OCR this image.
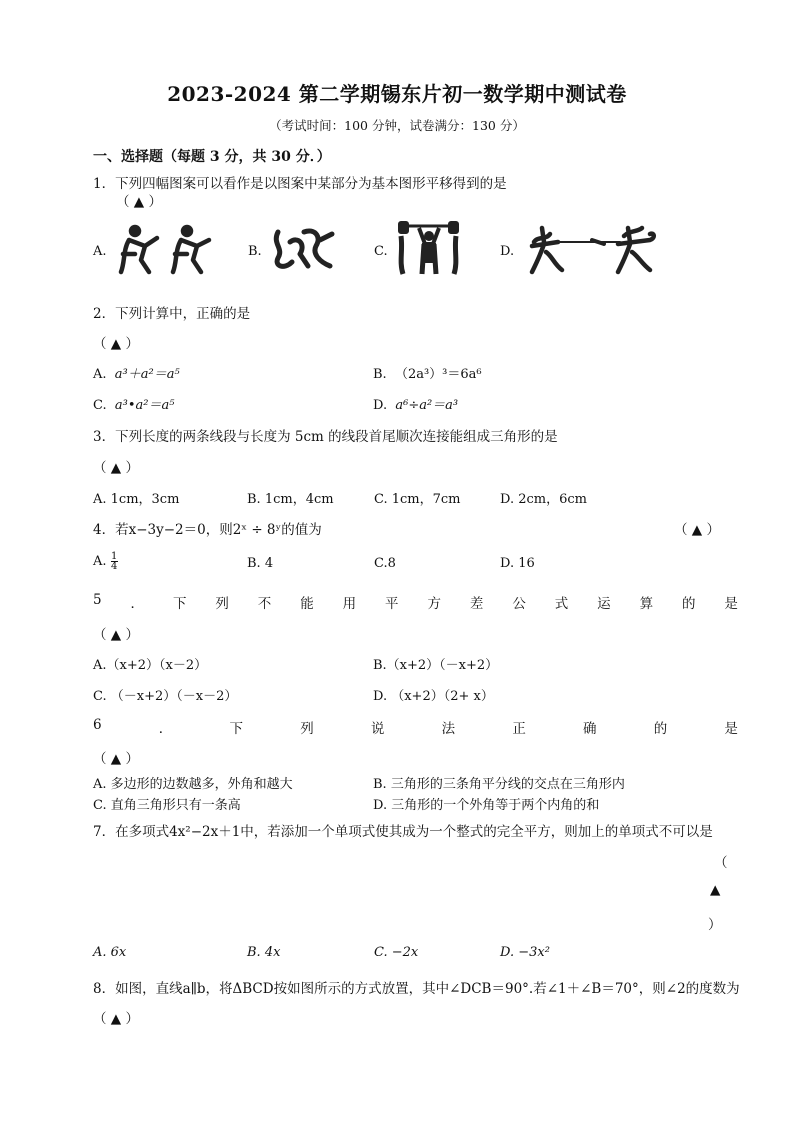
2023-2024 第二学期锡东片初一数学期中测试卷
（考试时间：100 分钟，试卷满分：130 分）
一、选择题（每题 3 分，共 30 分．）
1．下列四幅图案可以看作是以图案中某部分为基本图形平移得到的是
（ ▲ ）
A.	B.	C.	D.
2．下列计算中，正确的是
（ ▲ ）
A. a³＋a²＝a⁵	B. （2a³）³＝6a⁶
C. a³•a²＝a⁵	D. a⁶÷a²＝a³
3．下列长度的两条线段与长度为 5cm 的线段首尾顺次连接能组成三角形的是
（ ▲ ）
A. 1cm，3cm	B. 1cm，4cm	C. 1cm，7cm	D. 2cm，6cm
4．若x−3y−2＝0，则2ˣ ÷ 8ʸ的值为	（ ▲ ）
A. $\frac{1}{4}$	B. 4	C.8	D. 16
5 ． 下 列 不 能 用 平 方 差 公 式 运 算 的 是
（ ▲ ）
A.（x+2）（x－2）	B.（x+2）（－x+2）
C. （－x+2）（－x－2）	D. （x+2）（2+ x）
6	．	下	列	说	法	正	确	的	是
（ ▲ ）
A. 多边形的边数越多，外角和越大	B. 三角形的三条角平分线的交点在三角形内
C. 直角三角形只有一条高	D. 三角形的一个外角等于两个内角的和
7．在多项式4x²−2x＋1中，若添加一个单项式使其成为一个整式的完全平方，则加上的单项式不可以是
（
▲
）
A. 6x	B. 4x	C. −2x	D. −3x²
8．如图，直线a∥b，将ΔBCD按如图所示的方式放置，其中∠DCB＝90°.若∠1＋∠B＝70°，则∠2的度数为
（ ▲ ）
